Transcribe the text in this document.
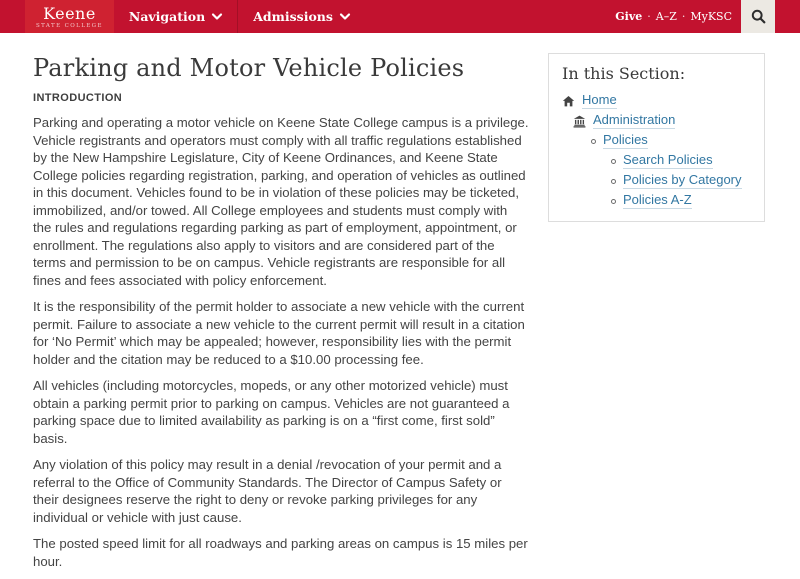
Keene
STATE COLLEGE
Navigation	Admissions	Give · A–Z · MyKSC
Parking and Motor Vehicle Policies
INTRODUCTION

Parking and operating a motor vehicle on Keene State College campus is a privilege. Vehicle registrants and operators must comply with all traffic regulations established by the New Hampshire Legislature, City of Keene Ordinances, and Keene State College policies regarding registration, parking, and operation of vehicles as outlined in this document. Vehicles found to be in violation of these policies may be ticketed, immobilized, and/or towed. All College employees and students must comply with the rules and regulations regarding parking as part of employment, appointment, or enrollment. The regulations also apply to visitors and are considered part of the terms and permission to be on campus. Vehicle registrants are responsible for all fines and fees associated with policy enforcement.

It is the responsibility of the permit holder to associate a new vehicle with the current permit. Failure to associate a new vehicle to the current permit will result in a citation for ‘No Permit’ which may be appealed; however, responsibility lies with the permit holder and the citation may be reduced to a $10.00 processing fee.

All vehicles (including motorcycles, mopeds, or any other motorized vehicle) must obtain a parking permit prior to parking on campus. Vehicles are not guaranteed a parking space due to limited availability as parking is on a “first come, first sold” basis.

Any violation of this policy may result in a denial /revocation of your permit and a referral to the Office of Community Standards. The Director of Campus Safety or their designees reserve the right to deny or revoke parking privileges for any individual or vehicle with just cause.

The posted speed limit for all roadways and parking areas on campus is 15 miles per hour.

In this Section:
Home
Administration
Policies
Search Policies
Policies by Category
Policies A-Z
